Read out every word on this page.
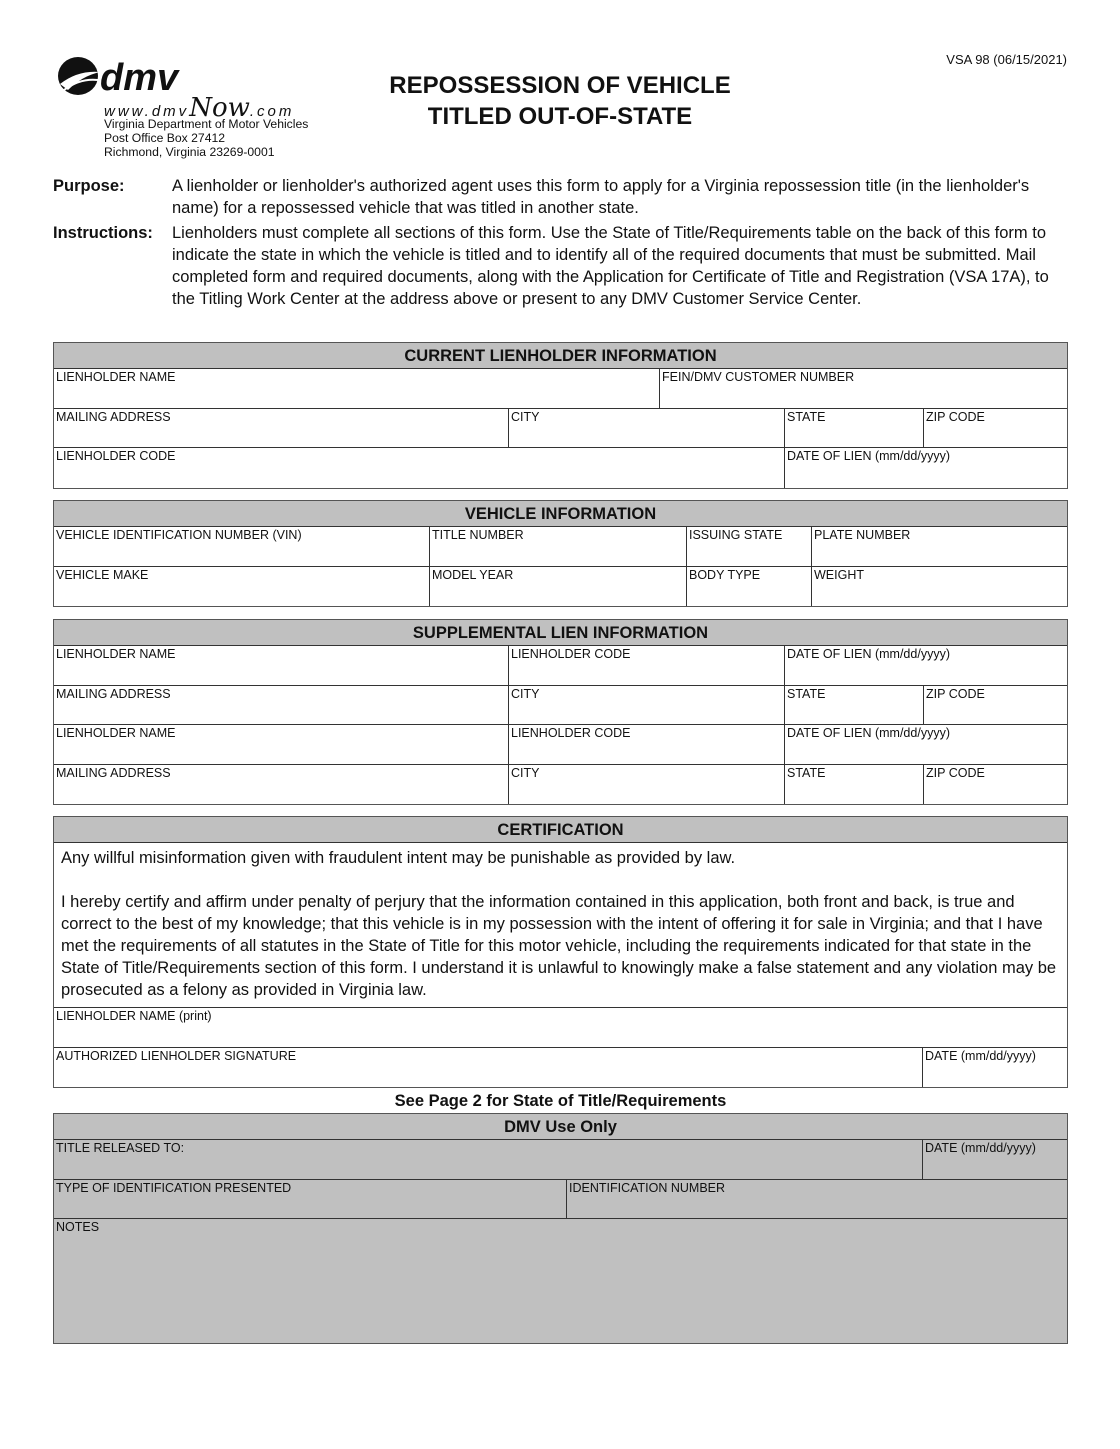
dmv
www.dmvNow.com
Virginia Department of Motor Vehicles
Post Office Box 27412
Richmond, Virginia 23269-0001
VSA 98 (06/15/2021)
REPOSSESSION OF VEHICLE
TITLED OUT-OF-STATE
Purpose:	A lienholder or lienholder's authorized agent uses this form to apply for a Virginia repossession title (in the lienholder's name) for a repossessed vehicle that was titled in another state.
Instructions: Lienholders must complete all sections of this form. Use the State of Title/Requirements table on the back of this form to indicate the state in which the vehicle is titled and to identify all of the required documents that must be submitted. Mail completed form and required documents, along with the Application for Certificate of Title and Registration (VSA 17A), to the Titling Work Center at the address above or present to any DMV Customer Service Center.
CURRENT LIENHOLDER INFORMATION
LIENHOLDER NAME	FEIN/DMV CUSTOMER NUMBER
MAILING ADDRESS	CITY	STATE	ZIP CODE
LIENHOLDER CODE	DATE OF LIEN (mm/dd/yyyy)
VEHICLE INFORMATION
VEHICLE IDENTIFICATION NUMBER (VIN)	TITLE NUMBER	ISSUING STATE	PLATE NUMBER
VEHICLE MAKE	MODEL YEAR	BODY TYPE	WEIGHT
SUPPLEMENTAL LIEN INFORMATION
LIENHOLDER NAME	LIENHOLDER CODE	DATE OF LIEN (mm/dd/yyyy)
MAILING ADDRESS	CITY	STATE	ZIP CODE
LIENHOLDER NAME	LIENHOLDER CODE	DATE OF LIEN (mm/dd/yyyy)
MAILING ADDRESS	CITY	STATE	ZIP CODE
CERTIFICATION
Any willful misinformation given with fraudulent intent may be punishable as provided by law.
I hereby certify and affirm under penalty of perjury that the information contained in this application, both front and back, is true and correct to the best of my knowledge; that this vehicle is in my possession with the intent of offering it for sale in Virginia; and that I have met the requirements of all statutes in the State of Title for this motor vehicle, including the requirements indicated for that state in the State of Title/Requirements section of this form. I understand it is unlawful to knowingly make a false statement and any violation may be prosecuted as a felony as provided in Virginia law.
LIENHOLDER NAME (print)
AUTHORIZED LIENHOLDER SIGNATURE	DATE (mm/dd/yyyy)
See Page 2 for State of Title/Requirements
DMV Use Only
TITLE RELEASED TO:	DATE (mm/dd/yyyy)
TYPE OF IDENTIFICATION PRESENTED	IDENTIFICATION NUMBER
NOTES
